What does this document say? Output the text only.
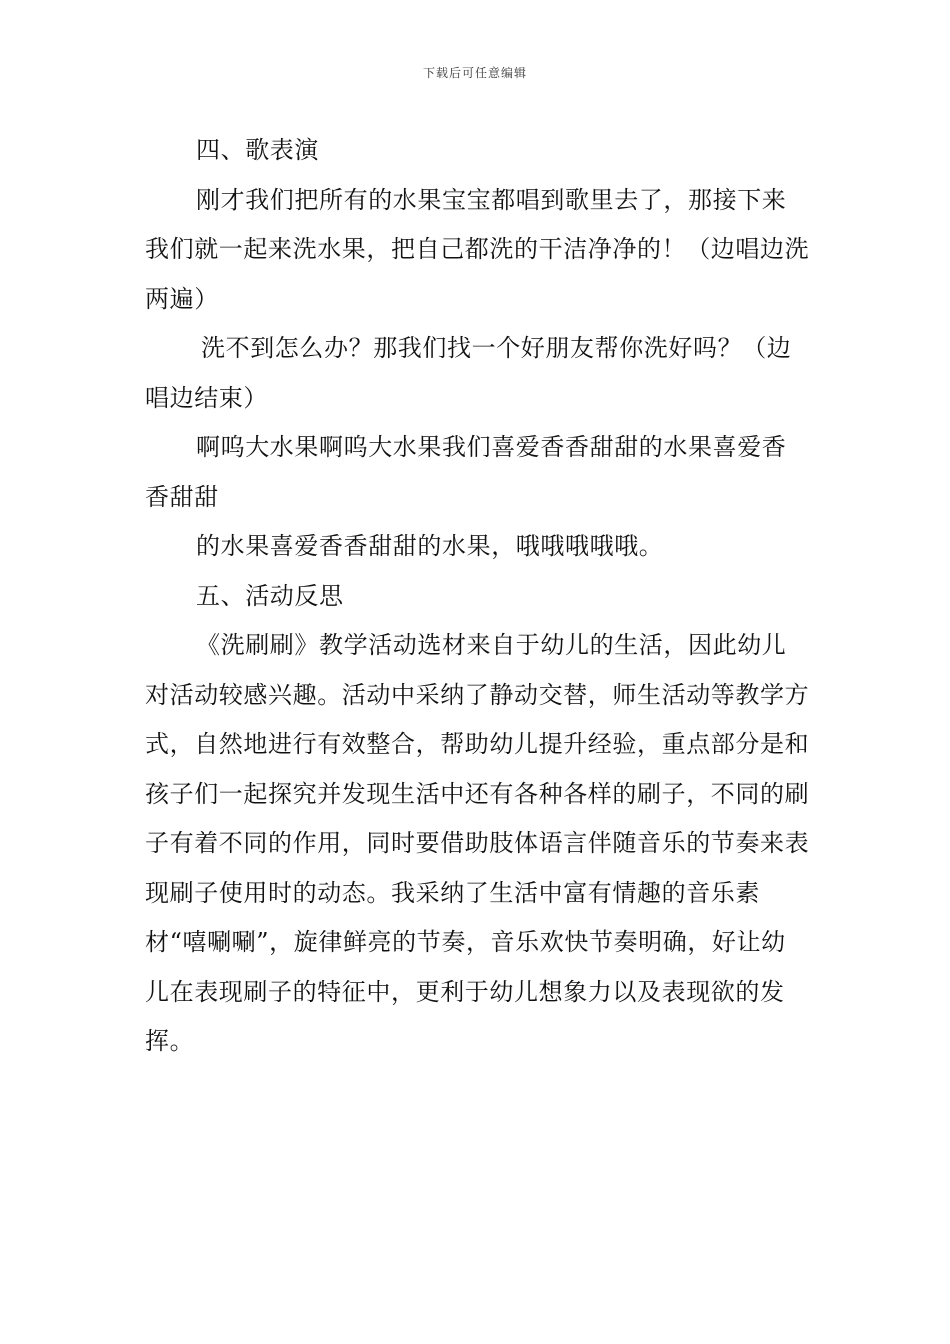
下载后可任意编辑

四、歌表演

刚才我们把所有的水果宝宝都唱到歌里去了，那接下来我们就一起来洗水果，把自己都洗的干洁净净的！（边唱边洗两遍）

洗不到怎么办？那我们找一个好朋友帮你洗好吗？（边唱边结束）

啊呜大水果啊呜大水果我们喜爱香香甜甜的水果喜爱香香甜甜

的水果喜爱香香甜甜的水果，哦哦哦哦哦。

五、活动反思

《洗刷刷》教学活动选材来自于幼儿的生活，因此幼儿对活动较感兴趣。活动中采纳了静动交替，师生活动等教学方式，自然地进行有效整合，帮助幼儿提升经验，重点部分是和孩子们一起探究并发现生活中还有各种各样的刷子，不同的刷子有着不同的作用，同时要借助肢体语言伴随音乐的节奏来表现刷子使用时的动态。我采纳了生活中富有情趣的音乐素材“嘻唰唰”，旋律鲜亮的节奏，音乐欢快节奏明确，好让幼儿在表现刷子的特征中，更利于幼儿想象力以及表现欲的发挥。
